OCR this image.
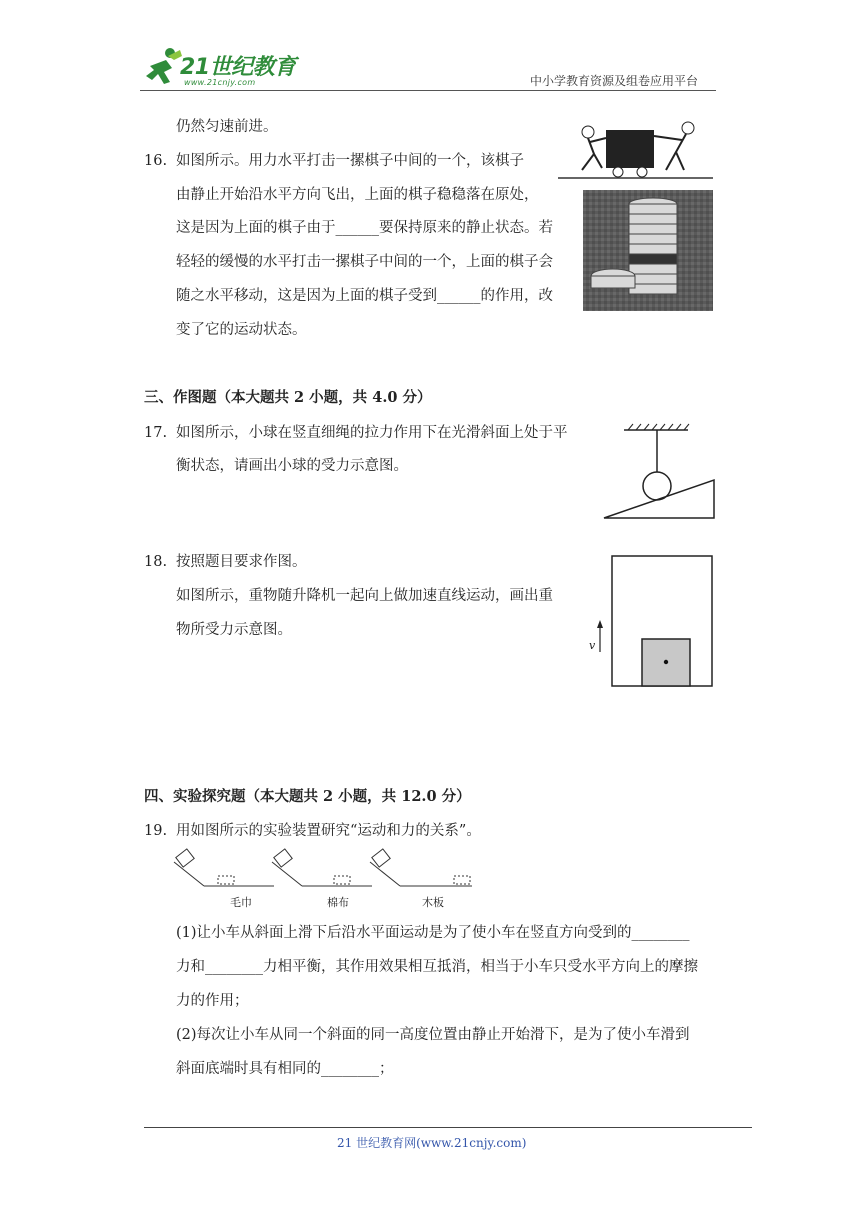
21世纪教育
www.21cnjy.com	中小学教育资源及组卷应用平台
仍然匀速前进。
16. 如图所示。用力水平打击一摞棋子中间的一个，该棋子
由静止开始沿水平方向飞出，上面的棋子稳稳落在原处，
这是因为上面的棋子由于______要保持原来的静止状态。若
轻轻的缓慢的水平打击一摞棋子中间的一个，上面的棋子会
随之水平移动，这是因为上面的棋子受到______的作用，改
变了它的运动状态。
三、作图题（本大题共 2 小题，共 4.0 分）
17. 如图所示，小球在竖直细绳的拉力作用下在光滑斜面上处于平
衡状态，请画出小球的受力示意图。
18. 按照题目要求作图。
如图所示，重物随升降机一起向上做加速直线运动，画出重
物所受力示意图。
v
四、实验探究题（本大题共 2 小题，共 12.0 分）
19. 用如图所示的实验装置研究“运动和力的关系”。
毛巾	棉布	木板
(1)让小车从斜面上滑下后沿水平面运动是为了使小车在竖直方向受到的________
力和________力相平衡，其作用效果相互抵消，相当于小车只受水平方向上的摩擦
力的作用；
(2)每次让小车从同一个斜面的同一高度位置由静止开始滑下，是为了使小车滑到
斜面底端时具有相同的________；
21 世纪教育网(www.21cnjy.com)
